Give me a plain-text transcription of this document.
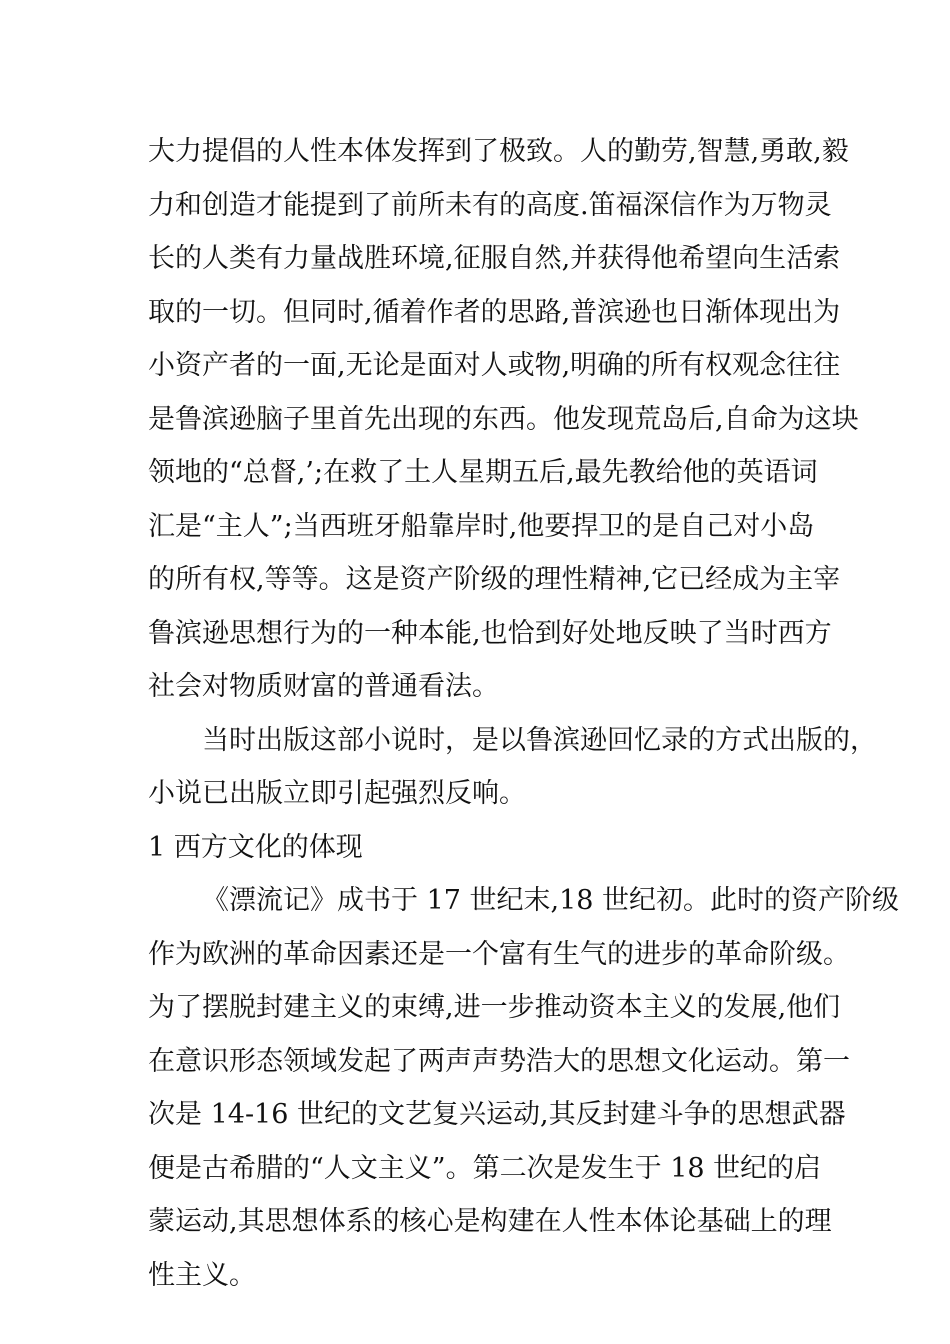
大力提倡的人性本体发挥到了极致。人的勤劳,智慧,勇敢,毅
力和创造才能提到了前所未有的高度.笛福深信作为万物灵
长的人类有力量战胜环境,征服自然,并获得他希望向生活索
取的一切。但同时,循着作者的思路,普滨逊也日渐体现出为
小资产者的一面,无论是面对人或物,明确的所有权观念往往
是鲁滨逊脑子里首先出现的东西。他发现荒岛后,自命为这块
领地的“总督,’;在救了土人星期五后,最先教给他的英语词
汇是“主人”;当西班牙船靠岸时,他要捍卫的是自己对小岛
的所有权,等等。这是资产阶级的理性精神,它已经成为主宰
鲁滨逊思想行为的一种本能,也恰到好处地反映了当时西方
社会对物质财富的普通看法。
当时出版这部小说时，是以鲁滨逊回忆录的方式出版的，
小说已出版立即引起强烈反响。
1 西方文化的体现
《漂流记》成书于 17 世纪末,18 世纪初。此时的资产阶级
作为欧洲的革命因素还是一个富有生气的进步的革命阶级。
为了摆脱封建主义的束缚,进一步推动资本主义的发展,他们
在意识形态领域发起了两声声势浩大的思想文化运动。第一
次是 14-16 世纪的文艺复兴运动,其反封建斗争的思想武器
便是古希腊的“人文主义”。第二次是发生于 18 世纪的启
蒙运动,其思想体系的核心是构建在人性本体论基础上的理
性主义。
